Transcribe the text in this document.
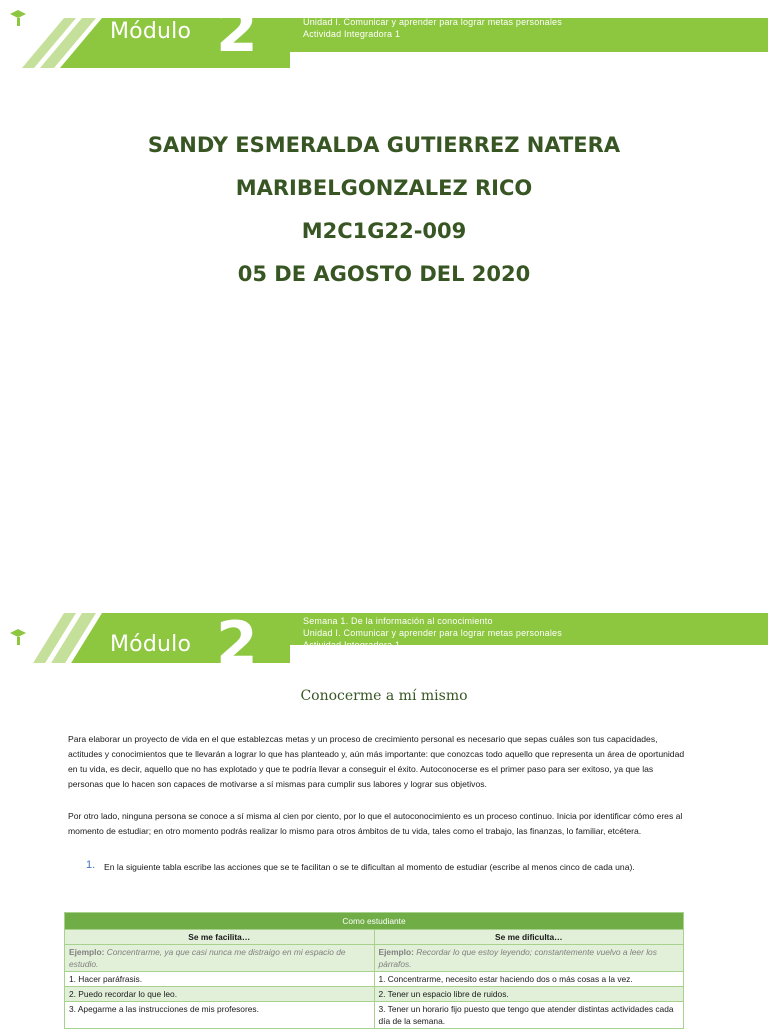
Módulo 2	Semana 1. De la información al conocimiento
Unidad I. Comunicar y aprender para lograr metas personales
Actividad Integradora 1
SANDY ESMERALDA GUTIERREZ NATERA
MARIBELGONZALEZ RICO
M2C1G22-009
05 DE AGOSTO DEL 2020
Módulo 2	Semana 1. De la información al conocimiento
Unidad I. Comunicar y aprender para lograr metas personales
Actividad Integradora 1
Conocerme a mí mismo
Para elaborar un proyecto de vida en el que establezcas metas y un proceso de crecimiento personal es necesario que sepas cuáles son tus capacidades, actitudes y conocimientos que te llevarán a lograr lo que has planteado y, aún más importante: que conozcas todo aquello que representa un área de oportunidad en tu vida, es decir, aquello que no has explotado y que te podría llevar a conseguir el éxito. Autoconocerse es el primer paso para ser exitoso, ya que las personas que lo hacen son capaces de motivarse a sí mismas para cumplir sus labores y lograr sus objetivos.
Por otro lado, ninguna persona se conoce a sí misma al cien por ciento, por lo que el autoconocimiento es un proceso continuo. Inicia por identificar cómo eres al momento de estudiar; en otro momento podrás realizar lo mismo para otros ámbitos de tu vida, tales como el trabajo, las finanzas, lo familiar, etcétera.
1. En la siguiente tabla escribe las acciones que se te facilitan o se te dificultan al momento de estudiar (escribe al menos cinco de cada una).
Como estudiante	
Se me facilita…	Se me dificulta…
Ejemplo: Concentrarme, ya que casi nunca me distraigo en mi espacio de estudio.	Ejemplo: Recordar lo que estoy leyendo; constantemente vuelvo a leer los párrafos.
1. Hacer paráfrasis.	1. Concentrarme, necesito estar haciendo dos o más cosas a la vez.
2. Puedo recordar lo que leo.	2. Tener un espacio libre de ruidos.
3. Apegarme a las instrucciones de mis profesores.	3. Tener un horario fijo puesto que tengo que atender distintas actividades cada día de la semana.
